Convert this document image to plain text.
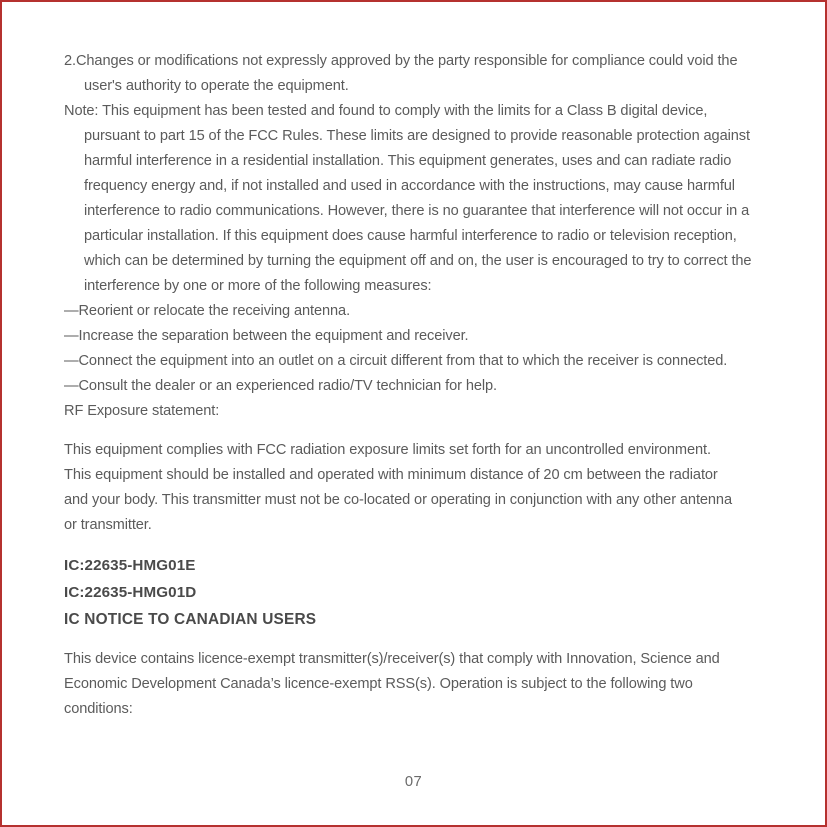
2.Changes or modifications not expressly approved by the party responsible for compliance could void the user's authority to operate the equipment.

Note: This equipment has been tested and found to comply with the limits for a Class B digital device, pursuant to part 15 of the FCC Rules. These limits are designed to provide reasonable protection against harmful interference in a residential installation. This equipment generates, uses and can radiate radio frequency energy and, if not installed and used in accordance with the instructions, may cause harmful interference to radio communications. However, there is no guarantee that interference will not occur in a particular installation. If this equipment does cause harmful interference to radio or television reception, which can be determined by turning the equipment off and on, the user is encouraged to try to correct the interference by one or more of the following measures:

—Reorient or relocate the receiving antenna.

—Increase the separation between the equipment and receiver.

—Connect the equipment into an outlet on a circuit different from that to which the receiver is connected.

—Consult the dealer or an experienced radio/TV technician for help.

RF Exposure statement:

This equipment complies with FCC radiation exposure limits set forth for an uncontrolled environment. This equipment should be installed and operated with minimum distance of 20 cm between the radiator and your body. This transmitter must not be co-located or operating in conjunction with any other antenna or transmitter.

IC:22635-HMG01E

IC:22635-HMG01D

IC NOTICE TO CANADIAN USERS

This device contains licence-exempt transmitter(s)/receiver(s) that comply with Innovation, Science and Economic Development Canada’s licence-exempt RSS(s). Operation is subject to the following two conditions:

07
